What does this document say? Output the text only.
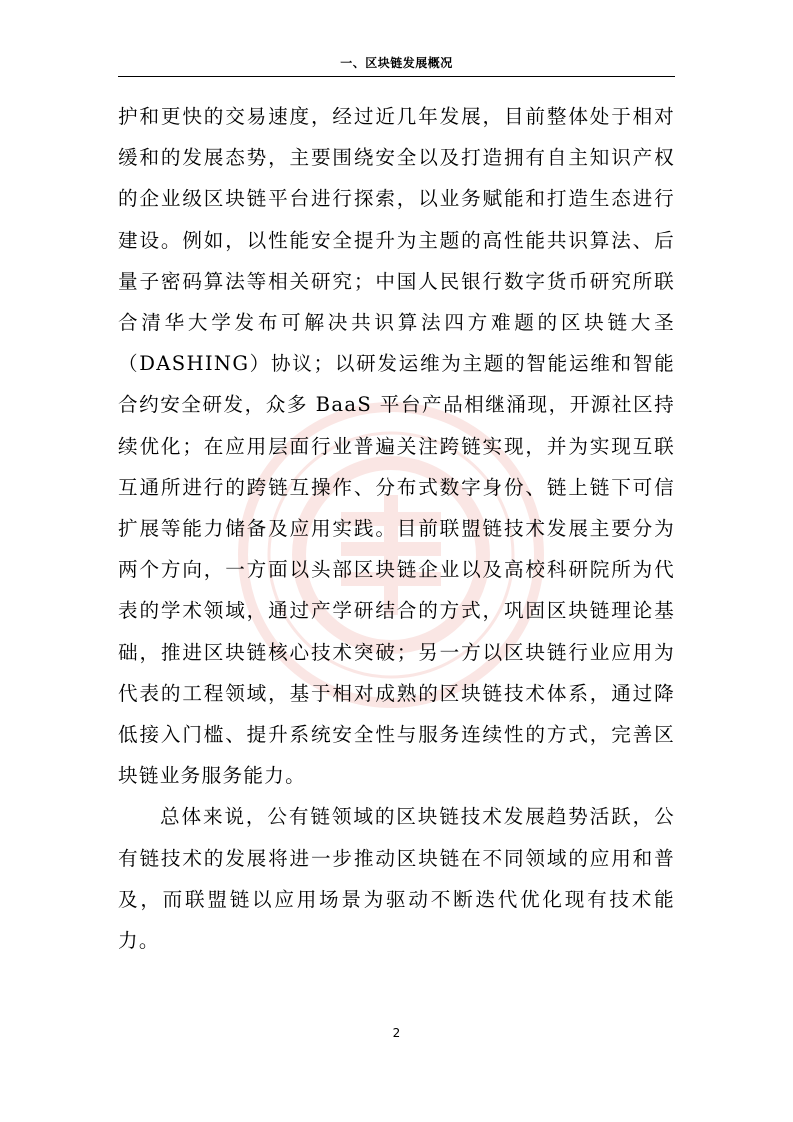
一、区块链发展概况

护和更快的交易速度，经过近几年发展，目前整体处于相对缓和的发展态势，主要围绕安全以及打造拥有自主知识产权的企业级区块链平台进行探索，以业务赋能和打造生态进行建设。例如，以性能安全提升为主题的高性能共识算法、后量子密码算法等相关研究；中国人民银行数字货币研究所联合清华大学发布可解决共识算法四方难题的区块链大圣（DASHING）协议；以研发运维为主题的智能运维和智能合约安全研发，众多 BaaS 平台产品相继涌现，开源社区持续优化；在应用层面行业普遍关注跨链实现，并为实现互联互通所进行的跨链互操作、分布式数字身份、链上链下可信扩展等能力储备及应用实践。目前联盟链技术发展主要分为两个方向，一方面以头部区块链企业以及高校科研院所为代表的学术领域，通过产学研结合的方式，巩固区块链理论基础，推进区块链核心技术突破；另一方以区块链行业应用为代表的工程领域，基于相对成熟的区块链技术体系，通过降低接入门槛、提升系统安全性与服务连续性的方式，完善区块链业务服务能力。

总体来说，公有链领域的区块链技术发展趋势活跃，公有链技术的发展将进一步推动区块链在不同领域的应用和普及，而联盟链以应用场景为驱动不断迭代优化现有技术能力。

2
